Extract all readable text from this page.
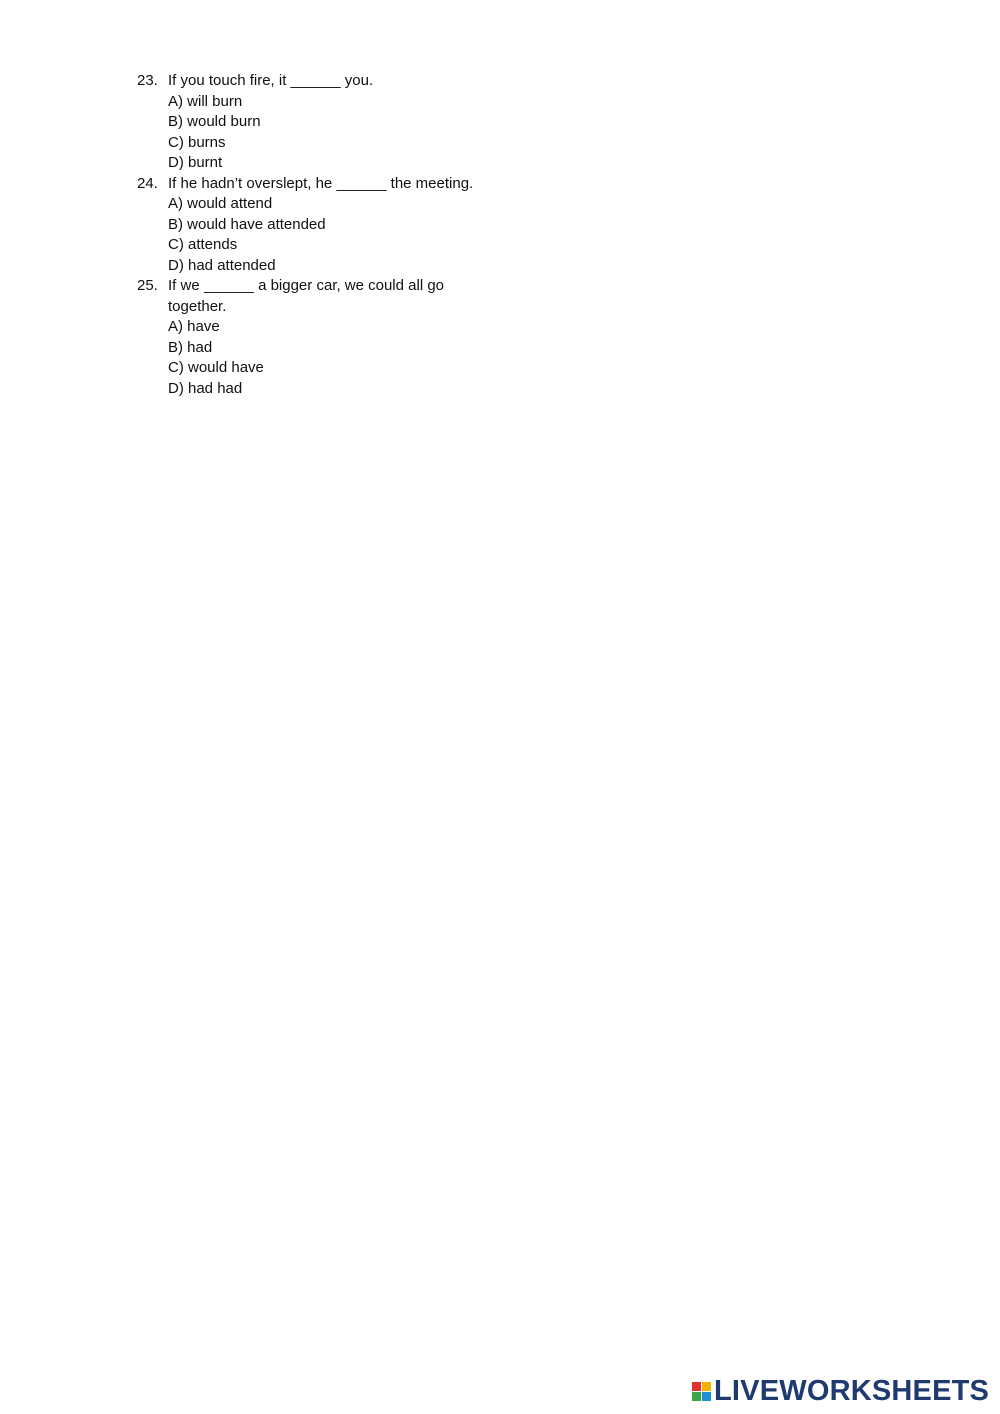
23. If you touch fire, it ______ you.
A) will burn
B) would burn
C) burns
D) burnt
24. If he hadn’t overslept, he ______ the meeting.
A) would attend
B) would have attended
C) attends
D) had attended
25. If we ______ a bigger car, we could all go together.
A) have
B) had
C) would have
D) had had
LIVEWORKSHEETS
